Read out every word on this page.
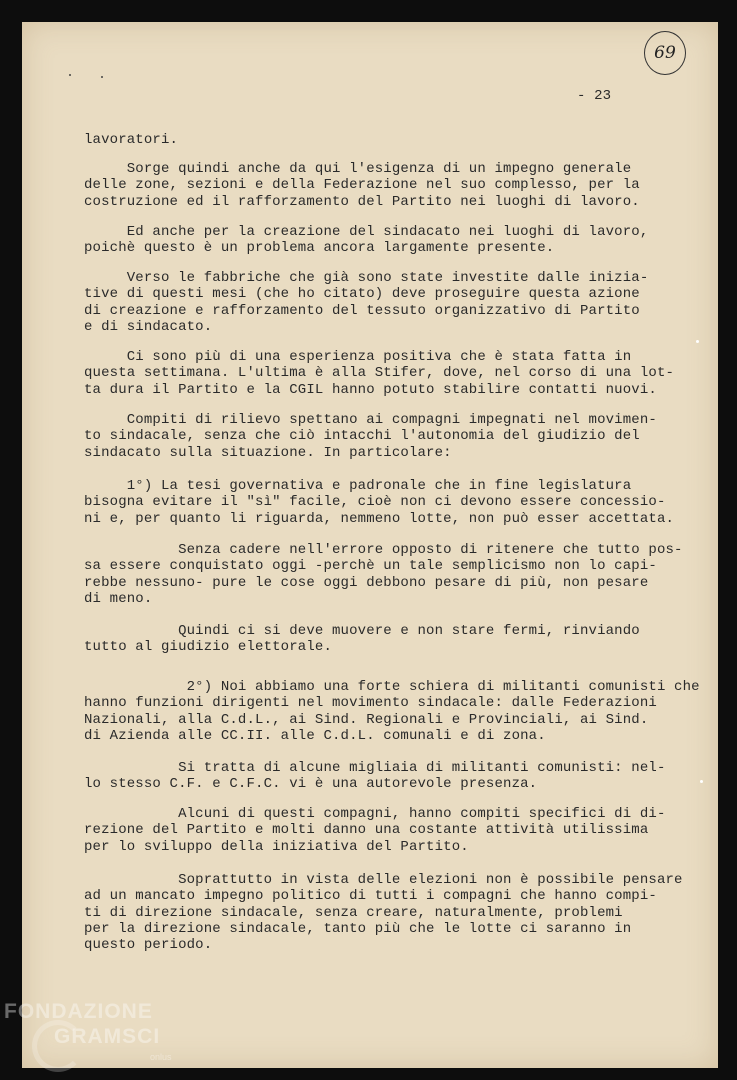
69
- 23
lavoratori.
Sorge quindi anche da qui l'esigenza di un impegno generale
delle zone, sezioni e della Federazione nel suo complesso, per la
costruzione ed il rafforzamento del Partito nei luoghi di lavoro.
Ed anche per la creazione del sindacato nei luoghi di lavoro,
poichè questo è un problema ancora largamente presente.
Verso le fabbriche che già sono state investite dalle inizia-
tive di questi mesi (che ho citato) deve proseguire questa azione
di creazione e rafforzamento del tessuto organizzativo di Partito
e di sindacato.
Ci sono più di una esperienza positiva che è stata fatta in
questa settimana. L'ultima è alla Stifer, dove, nel corso di una lot-
ta dura il Partito e la CGIL hanno potuto stabilire contatti nuovi.
Compiti di rilievo spettano ai compagni impegnati nel movimen-
to sindacale, senza che ciò intacchi l'autonomia del giudizio del
sindacato sulla situazione. In particolare:
1°) La tesi governativa e padronale che in fine legislatura
bisogna evitare il "sì" facile, cioè non ci devono essere concessio-
ni e, per quanto li riguarda, nemmeno lotte, non può esser accettata.
Senza cadere nell'errore opposto di ritenere che tutto pos-
sa essere conquistato oggi -perchè un tale semplicismo non lo capi-
rebbe nessuno- pure le cose oggi debbono pesare di più, non pesare
di meno.
Quindi ci si deve muovere e non stare fermi, rinviando
tutto al giudizio elettorale.
2°) Noi abbiamo una forte schiera di militanti comunisti che
hanno funzioni dirigenti nel movimento sindacale: dalle Federazioni
Nazionali, alla C.d.L., ai Sind. Regionali e Provinciali, ai Sind.
di Azienda alle CC.II. alle C.d.L. comunali e di zona.
Si tratta di alcune migliaia di militanti comunisti: nel-
lo stesso C.F. e C.F.C. vi è una autorevole presenza.
Alcuni di questi compagni, hanno compiti specifici di di-
rezione del Partito e molti danno una costante attività utilissima
per lo sviluppo della iniziativa del Partito.
Soprattutto in vista delle elezioni non è possibile pensare
ad un mancato impegno politico di tutti i compagni che hanno compi-
ti di direzione sindacale, senza creare, naturalmente, problemi
per la direzione sindacale, tanto più che le lotte ci saranno in
questo periodo.
FONDAZIONE
GRAMSCI
onlus
